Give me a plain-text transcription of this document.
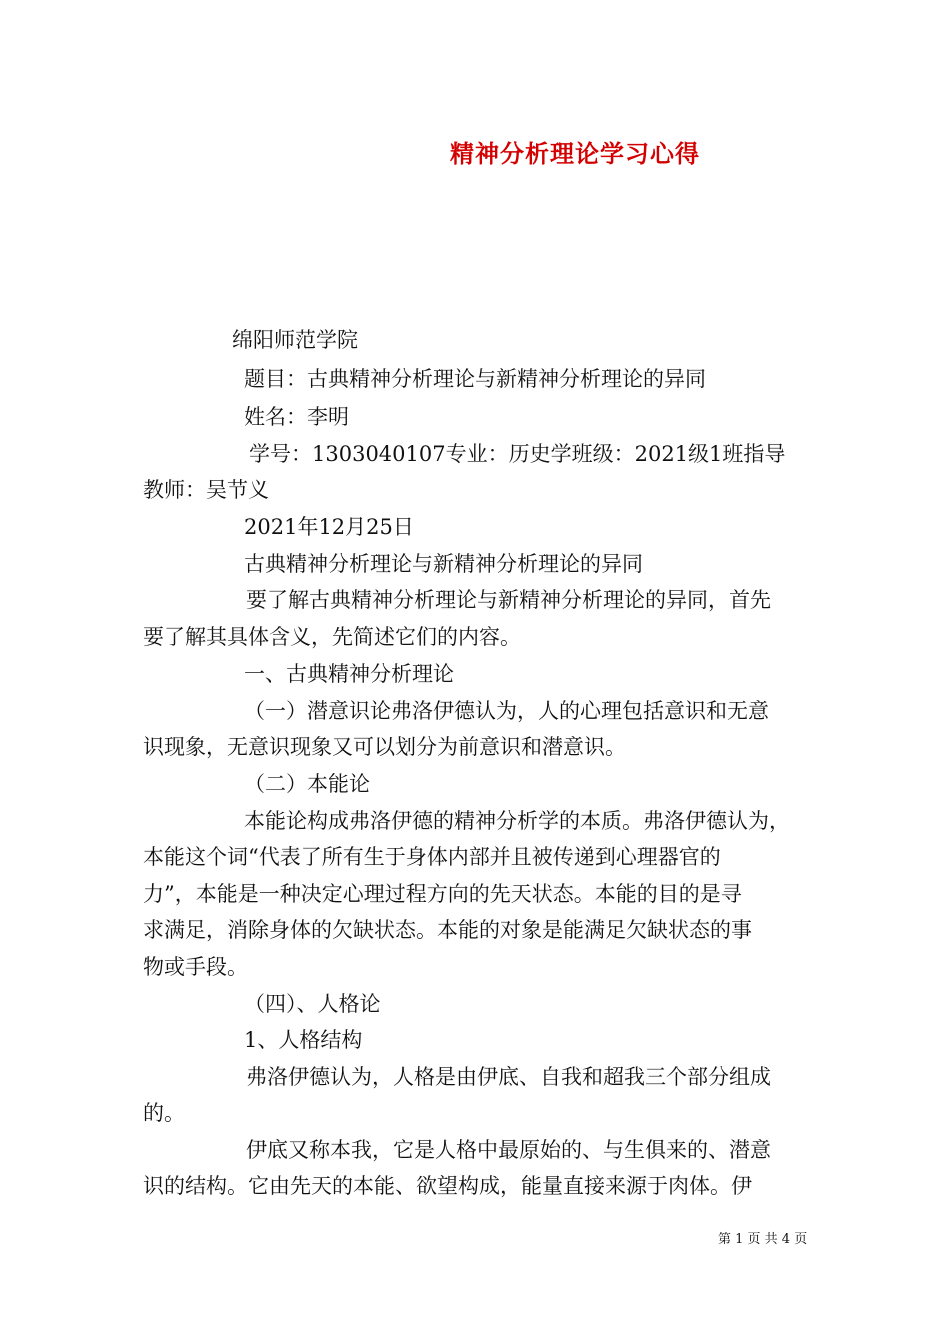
精神分析理论学习心得
绵阳师范学院
题目：古典精神分析理论与新精神分析理论的异同
姓名：李明
学号：1303040107专业：历史学班级：2021级1班指导
教师：吴节义
2021年12月25日
古典精神分析理论与新精神分析理论的异同
要了解古典精神分析理论与新精神分析理论的异同，首先
要了解其具体含义，先简述它们的内容。
一、古典精神分析理论
（一）潜意识论弗洛伊德认为，人的心理包括意识和无意
识现象，无意识现象又可以划分为前意识和潜意识。
（二）本能论
本能论构成弗洛伊德的精神分析学的本质。弗洛伊德认为，
本能这个词“代表了所有生于身体内部并且被传递到心理器官的
力”，本能是一种决定心理过程方向的先天状态。本能的目的是寻
求满足，消除身体的欠缺状态。本能的对象是能满足欠缺状态的事
物或手段。
（四）、人格论
1、人格结构
弗洛伊德认为，人格是由伊底、自我和超我三个部分组成
的。
伊底又称本我，它是人格中最原始的、与生俱来的、潜意
识的结构。它由先天的本能、欲望构成，能量直接来源于肉体。伊
第 1 页 共 4 页
